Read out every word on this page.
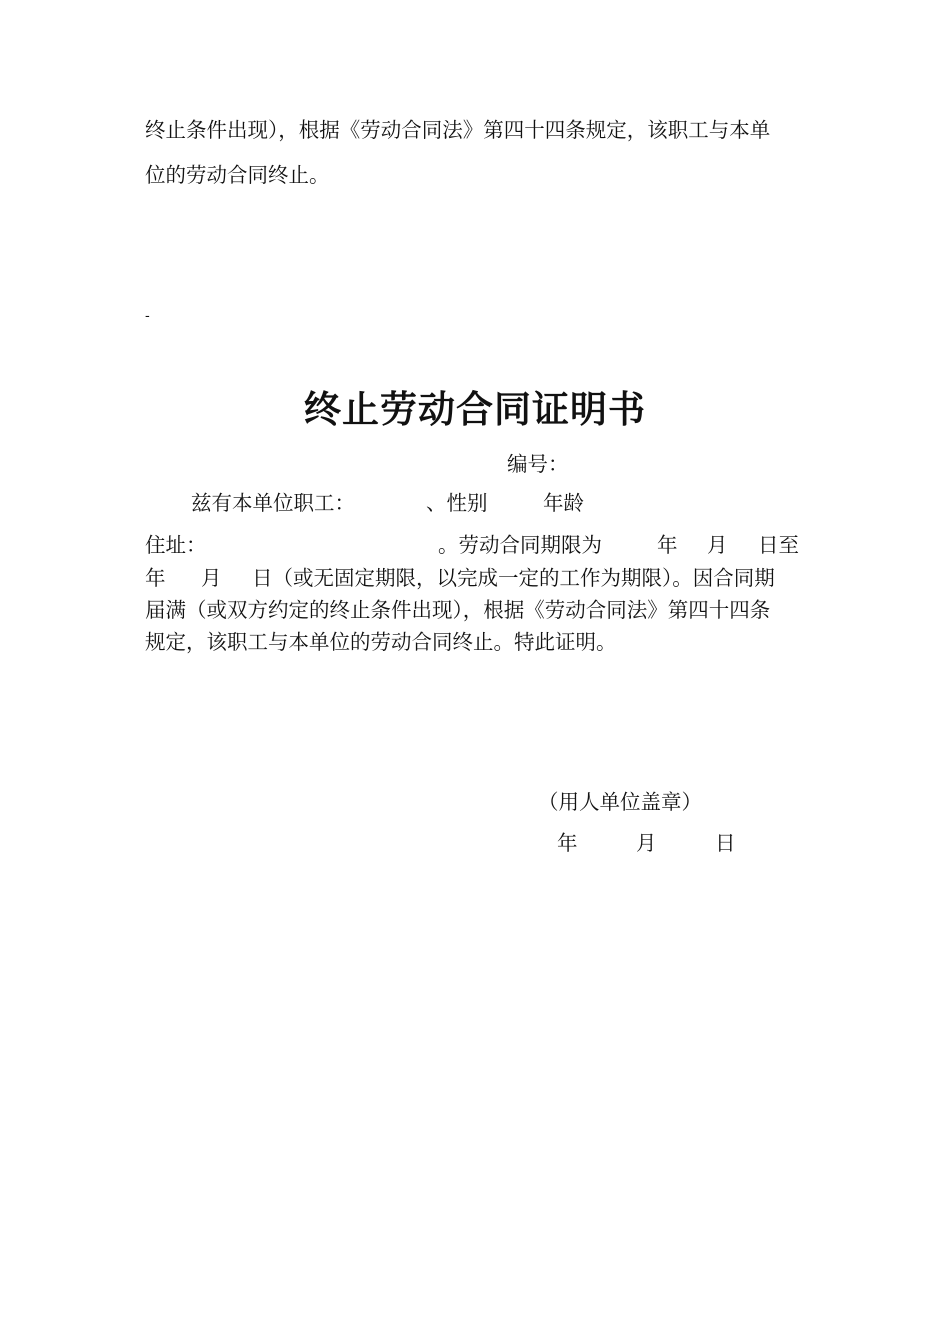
终止条件出现），根据《劳动合同法》第四十四条规定，该职工与本单
位的劳动合同终止。
-
终止劳动合同证明书
编号：
兹有本单位职工：	、性别	年龄
住址：	。劳动合同期限为	年 月 日至
年 月 日（或无固定期限，以完成一定的工作为期限）。因合同期
届满（或双方约定的终止条件出现），根据《劳动合同法》第四十四条
规定，该职工与本单位的劳动合同终止。特此证明。
（用人单位盖章）
年	月	日
